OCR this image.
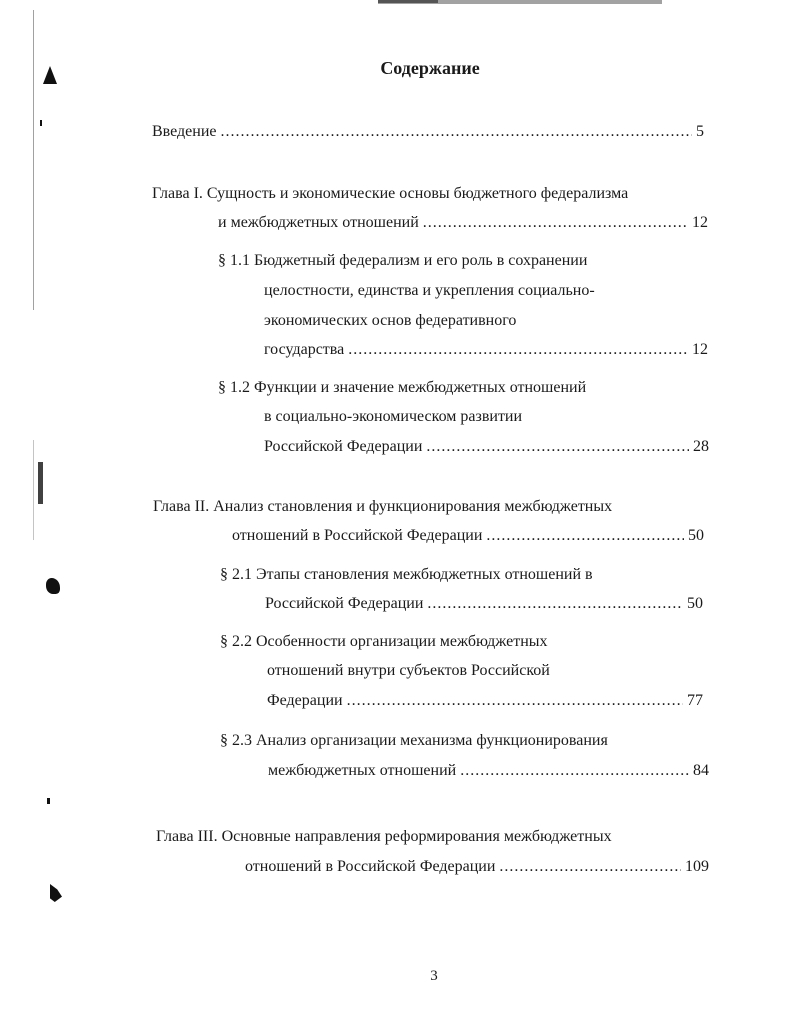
Содержание
Введение .....	5
Глава I. Сущность и экономические основы бюджетного федерализма
и межбюджетных отношений .....	12
§ 1.1 Бюджетный федерализм и его роль в сохранении
целостности, единства и укрепления социально-
экономических основ федеративного
государства .....	12
§ 1.2 Функции и значение межбюджетных отношений
в социально-экономическом развитии
Российской Федерации .....	28
Глава II. Анализ становления и функционирования межбюджетных
отношений в Российской Федерации .....	50
§ 2.1 Этапы становления межбюджетных отношений в
Российской Федерации .....	50
§ 2.2 Особенности организации межбюджетных
отношений внутри субъектов Российской
Федерации .....	77
§ 2.3 Анализ организации механизма функционирования
межбюджетных отношений .....	84
Глава III. Основные направления реформирования межбюджетных
отношений в Российской Федерации .....	109
3
